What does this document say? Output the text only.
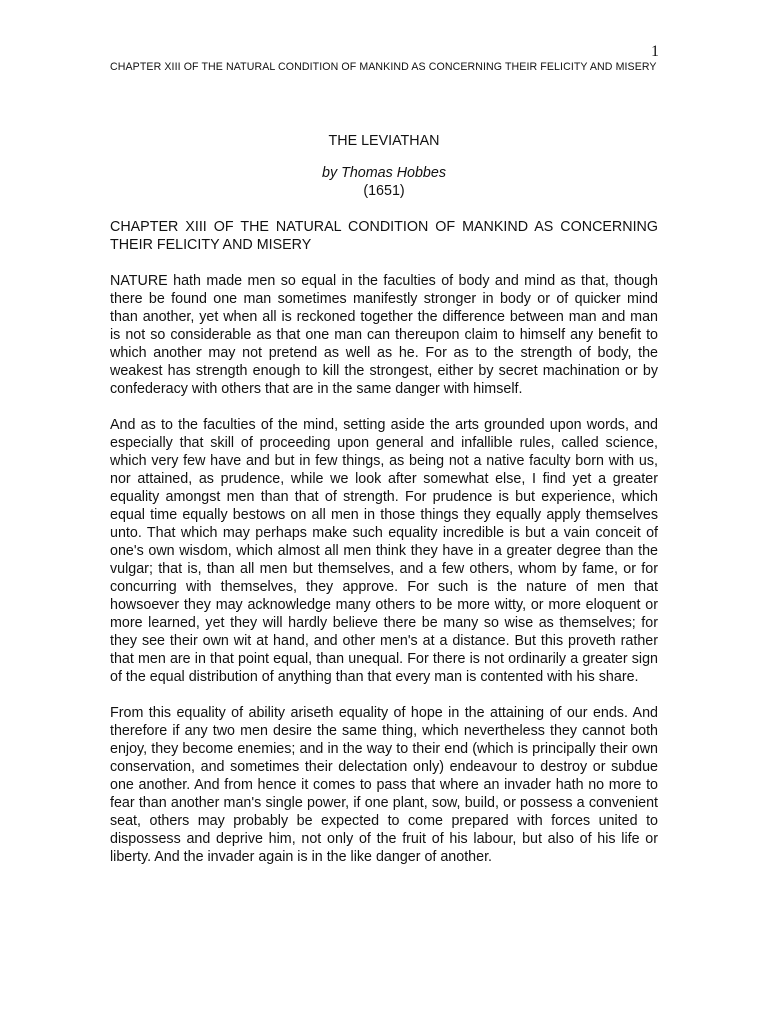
1
CHAPTER XIII OF THE NATURAL CONDITION OF MANKIND AS CONCERNING THEIR FELICITY AND MISERY
THE LEVIATHAN
by Thomas Hobbes
(1651)

CHAPTER XIII OF THE NATURAL CONDITION OF MANKIND AS CONCERNING THEIR FELICITY AND MISERY

NATURE hath made men so equal in the faculties of body and mind as that, though there be found one man sometimes manifestly stronger in body or of quicker mind than another, yet when all is reckoned together the difference between man and man is not so considerable as that one man can thereupon claim to himself any benefit to which another may not pretend as well as he. For as to the strength of body, the weakest has strength enough to kill the strongest, either by secret machination or by confederacy with others that are in the same danger with himself.

And as to the faculties of the mind, setting aside the arts grounded upon words, and especially that skill of proceeding upon general and infallible rules, called science, which very few have and but in few things, as being not a native faculty born with us, nor attained, as prudence, while we look after somewhat else, I find yet a greater equality amongst men than that of strength. For prudence is but experience, which equal time equally bestows on all men in those things they equally apply themselves unto. That which may perhaps make such equality incredible is but a vain conceit of one's own wisdom, which almost all men think they have in a greater degree than the vulgar; that is, than all men but themselves, and a few others, whom by fame, or for concurring with themselves, they approve. For such is the nature of men that howsoever they may acknowledge many others to be more witty, or more eloquent or more learned, yet they will hardly believe there be many so wise as themselves; for they see their own wit at hand, and other men's at a distance. But this proveth rather that men are in that point equal, than unequal. For there is not ordinarily a greater sign of the equal distribution of anything than that every man is contented with his share.

From this equality of ability ariseth equality of hope in the attaining of our ends. And therefore if any two men desire the same thing, which nevertheless they cannot both enjoy, they become enemies; and in the way to their end (which is principally their own conservation, and sometimes their delectation only) endeavour to destroy or subdue one another. And from hence it comes to pass that where an invader hath no more to fear than another man's single power, if one plant, sow, build, or possess a convenient seat, others may probably be expected to come prepared with forces united to dispossess and deprive him, not only of the fruit of his labour, but also of his life or liberty. And the invader again is in the like danger of another.
